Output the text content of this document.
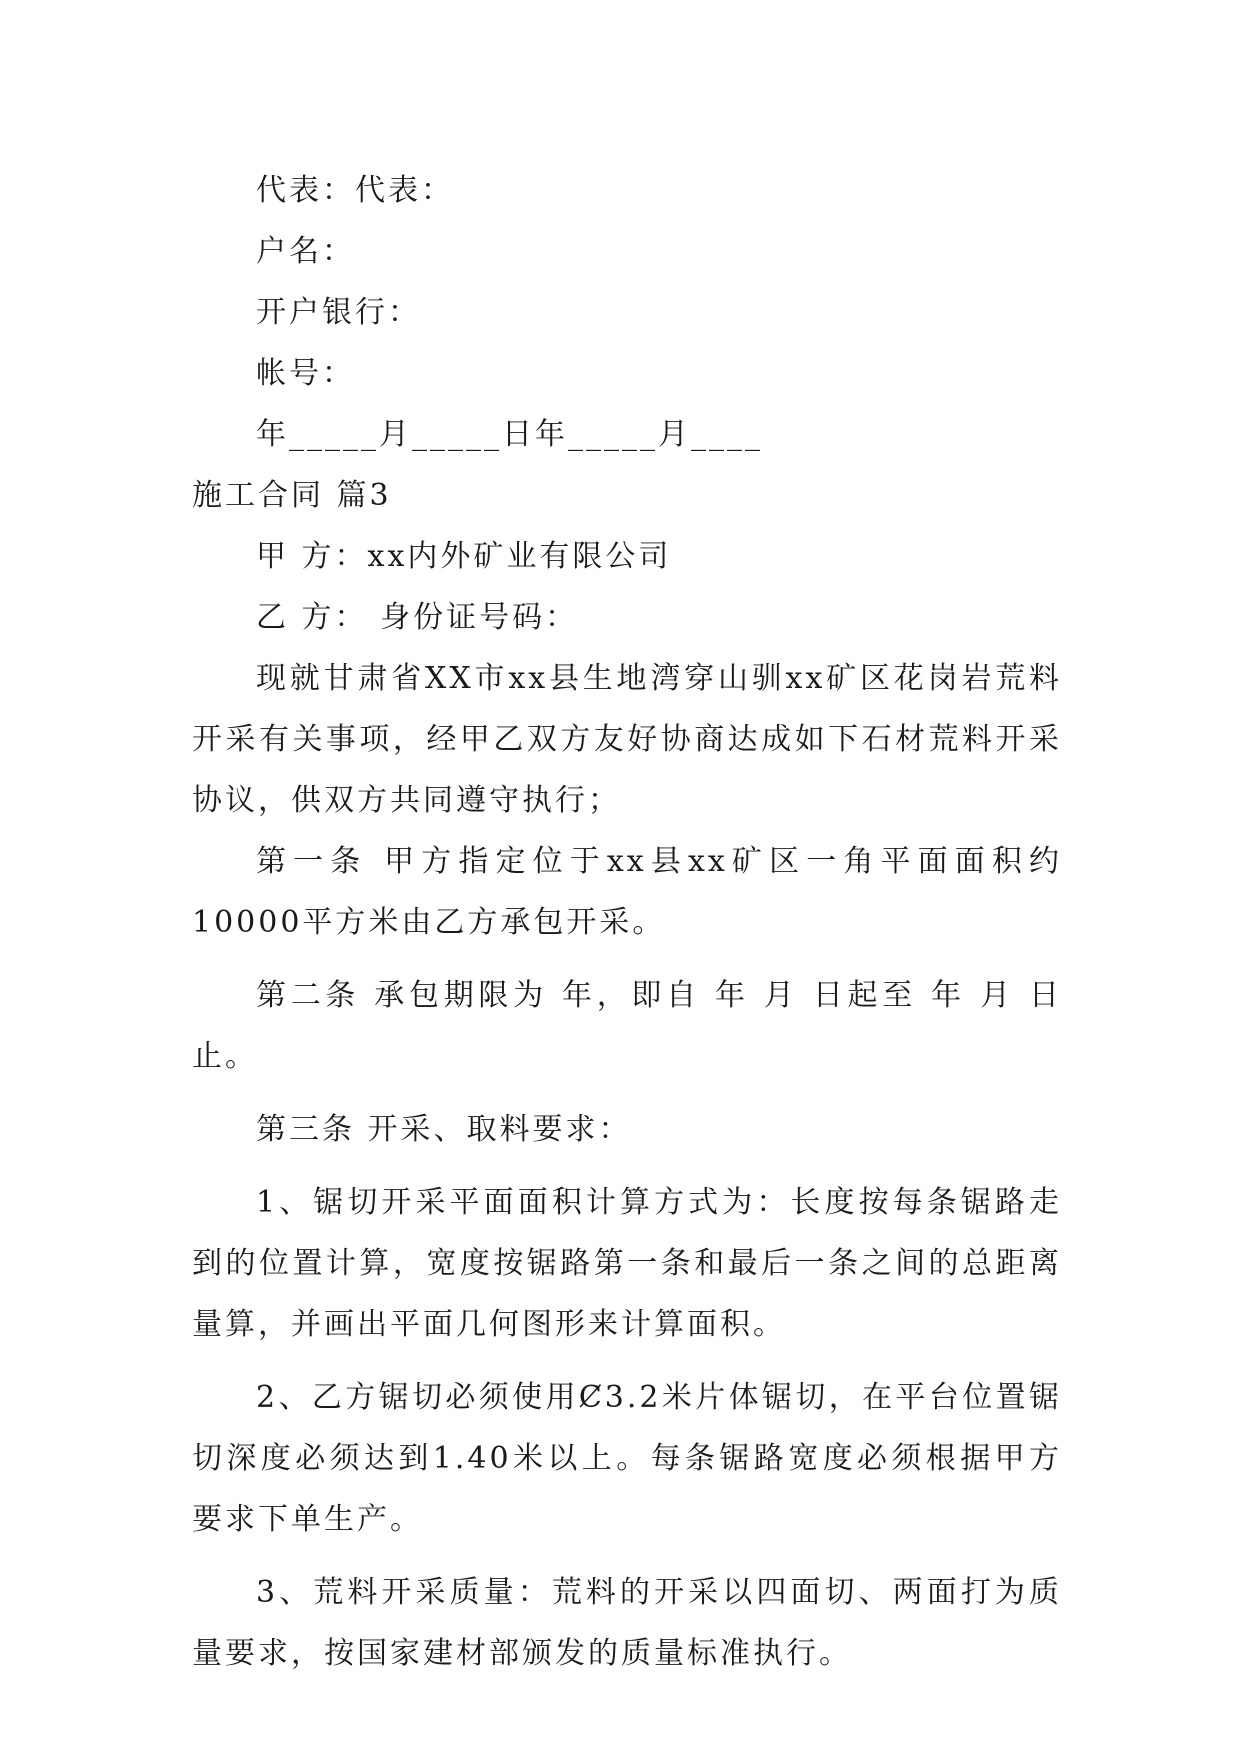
代表：代表：
户名：
开户银行：
帐号：
年_____月_____日年_____月____
施工合同 篇3
甲 方：xx内外矿业有限公司
乙 方： 身份证号码：
现就甘肃省XX市xx县生地湾穿山驯xx矿区花岗岩荒料开采有关事项，经甲乙双方友好协商达成如下石材荒料开采协议，供双方共同遵守执行；
第一条 甲方指定位于xx县xx矿区一角平面面积约10000平方米由乙方承包开采。
第二条 承包期限为 年，即自 年 月 日起至 年 月 日止。
第三条 开采、取料要求：
1、锯切开采平面面积计算方式为：长度按每条锯路走到的位置计算，宽度按锯路第一条和最后一条之间的总距离量算，并画出平面几何图形来计算面积。
2、乙方锯切必须使用Ȼ3.2米片体锯切，在平台位置锯切深度必须达到1.40米以上。每条锯路宽度必须根据甲方要求下单生产。
3、荒料开采质量：荒料的开采以四面切、两面打为质量要求，按国家建材部颁发的质量标准执行。
